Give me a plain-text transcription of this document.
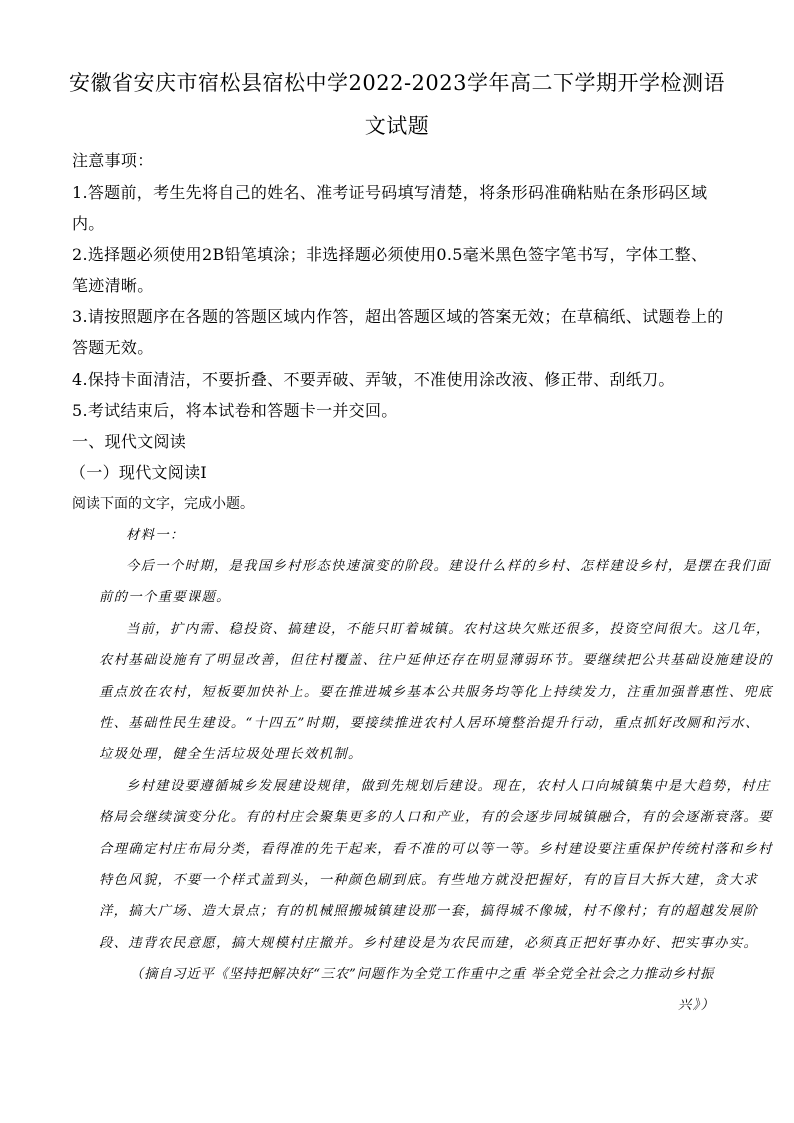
安徽省安庆市宿松县宿松中学2022-2023学年高二下学期开学检测语
文试题
注意事项：
1.答题前，考生先将自己的姓名、准考证号码填写清楚，将条形码准确粘贴在条形码区域
内。
2.选择题必须使用2B铅笔填涂；非选择题必须使用0.5毫米黑色签字笔书写，字体工整、
笔迹清晰。
3.请按照题序在各题的答题区域内作答，超出答题区域的答案无效；在草稿纸、试题卷上的
答题无效。
4.保持卡面清洁，不要折叠、不要弄破、弄皱，不准使用涂改液、修正带、刮纸刀。
5.考试结束后，将本试卷和答题卡一并交回。
一、现代文阅读
（一）现代文阅读I
阅读下面的文字，完成小题。
材料一：
今后一个时期，是我国乡村形态快速演变的阶段。建设什么样的乡村、怎样建设乡村，是摆在我们面
前的一个重要课题。
当前，扩内需、稳投资、搞建设，不能只盯着城镇。农村这块欠账还很多，投资空间很大。这几年，
农村基础设施有了明显改善，但往村覆盖、往户延伸还存在明显薄弱环节。要继续把公共基础设施建设的
重点放在农村，短板要加快补上。要在推进城乡基本公共服务均等化上持续发力，注重加强普惠性、兜底
性、基础性民生建设。“十四五”时期，要接续推进农村人居环境整治提升行动，重点抓好改厕和污水、
垃圾处理，健全生活垃圾处理长效机制。
乡村建设要遵循城乡发展建设规律，做到先规划后建设。现在，农村人口向城镇集中是大趋势，村庄
格局会继续演变分化。有的村庄会聚集更多的人口和产业，有的会逐步同城镇融合，有的会逐渐衰落。要
合理确定村庄布局分类，看得准的先干起来，看不准的可以等一等。乡村建设要注重保护传统村落和乡村
特色风貌，不要一个样式盖到头，一种颜色刷到底。有些地方就没把握好，有的盲目大拆大建，贪大求
洋，搞大广场、造大景点；有的机械照搬城镇建设那一套，搞得城不像城，村不像村；有的超越发展阶
段、违背农民意愿，搞大规模村庄撤并。乡村建设是为农民而建，必须真正把好事办好、把实事办实。
（摘自习近平《坚持把解决好“三农”问题作为全党工作重中之重 举全党全社会之力推动乡村振
兴》）
